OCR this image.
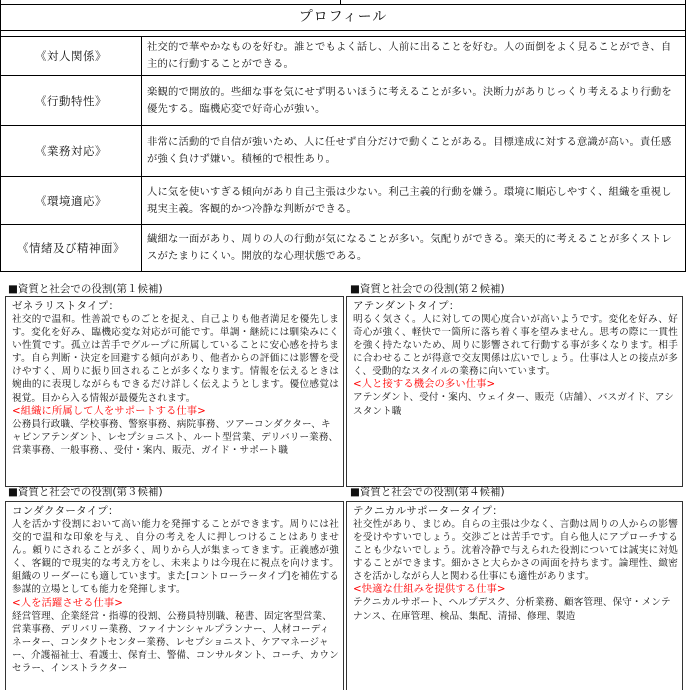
プロフィール
《対人関係》
社交的で華やかなものを好む。誰とでもよく話し、人前に出ることを好む。人の面倒をよく見ることができ、自主的に行動することができる。
《行動特性》
楽観的で開放的。些細な事を気にせず明るいほうに考えることが多い。決断力がありじっくり考えるより行動を優先する。臨機応変で好奇心が強い。
《業務対応》
非常に活動的で自信が強いため、人に任せず自分だけで動くことがある。目標達成に対する意識が高い。責任感が強く負けず嫌い。積極的で根性あり。
《環境適応》
人に気を使いすぎる傾向があり自己主張は少ない。利己主義的行動を嫌う。環境に順応しやすく、組織を重視し現実主義。客観的かつ冷静な判断ができる。
《情緒及び精神面》
繊細な一面があり、周りの人の行動が気になることが多い。気配りができる。楽天的に考えることが多くストレスがたまりにくい。開放的な心理状態である。
■資質と社会での役割(第１候補)
ゼネラリストタイプ：
社交的で温和。性善説でものごとを捉え、自己よりも他者満足を優先します。変化を好み、臨機応変な対応が可能です。単調・継続には馴染みにくい性質です。孤立は苦手でグループに所属していることに安心感を持ちます。自ら判断・決定を回避する傾向があり、他者からの評価には影響を受けやすく、周りに振り回されることが多くなります。情報を伝えるときは婉曲的に表現しながらもできるだけ詳しく伝えようとします。優位感覚は視覚。目から入る情報が最優先されます。
<組織に所属して人をサポートする仕事>
公務員行政職、学校事務、警察事務、病院事務、ツアーコンダクター、キャビンアテンダント、レセプショニスト、ルート型営業、デリバリー業務、営業事務、一般事務、、受付・案内、販売、ガイド・サポート職
■資質と社会での役割(第２候補)
アテンダントタイプ：
明るく気さく。人に対しての関心度合いが高いようです。変化を好み、好奇心が強く、軽快で一箇所に落ち着く事を望みません。思考の際に一貫性を強く持たないため、周りに影響されて行動する事が多くなります。相手に合わせることが得意で交友関係は広いでしょう。仕事は人との接点が多く、受動的なスタイルの業務に向いています。
<人と接する機会の多い仕事>
アテンダント、受付・案内、ウェイター、販売（店舗）、バスガイド、アシスタント職
■資質と社会での役割(第３候補)
コンダクタータイプ：
人を活かす役割において高い能力を発揮することができます。周りには社交的で温和な印象を与え、自分の考えを人に押しつけることはありません。頼りにされることが多く、周りから人が集まってきます。正義感が強く、客観的で現実的な考え方をし、未来よりは今現在に視点を向けます。組織のリーダーにも適しています。また[コントローラータイプ]を補佐する参謀的立場としても能力を発揮します。
<人を活躍させる仕事>
経営管理、企業経営・指導的役割、公務員特別職、秘書、固定客型営業、営業事務、デリバリー業務、ファイナンシャルプランナー、人材コーディネーター、コンタクトセンター業務、レセプショニスト、ケアマネージャー、介護福祉士、看護士、保育士、警備、コンサルタント、コーチ、カウンセラー、インストラクター
■資質と社会での役割(第４候補)
テクニカルサポータータイプ：
社交性があり、まじめ。自らの主張は少なく、言動は周りの人からの影響を受けやすいでしょう。交渉ごとは苦手です。自ら他人にアプローチすることも少ないでしょう。沈着冷静で与えられた役割については誠実に対処することができます。細かさと大らかさの両面を持ちます。論理性、緻密さを活かしながら人と関わる仕事にも適性があります。
<快適な仕組みを提供する仕事>
テクニカルサポート、ヘルプデスク、分析業務、顧客管理、保守・メンテナンス、在庫管理、検品、集配、清掃、修理、製造
